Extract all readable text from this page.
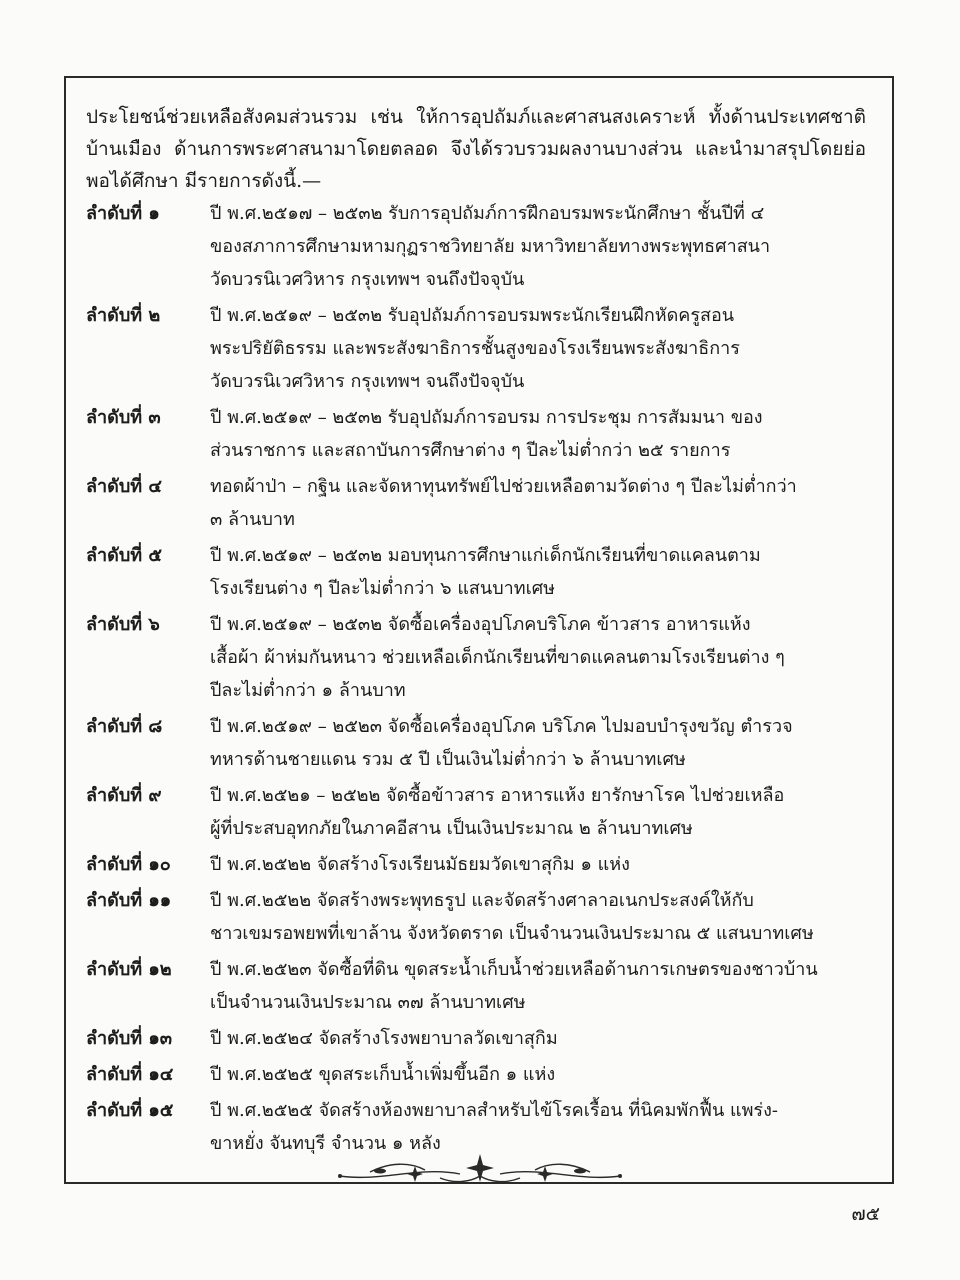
ประโยชน์ช่วยเหลือสังคมส่วนรวม เช่น ให้การอุปถัมภ์และศาสนสงเคราะห์ ทั้งด้านประเทศชาติ
บ้านเมือง ด้านการพระศาสนามาโดยตลอด จึงได้รวบรวมผลงานบางส่วน และนำมาสรุปโดยย่อ
พอได้ศึกษา มีรายการดังนี้.—
ลำดับที่ ๑	ปี พ.ศ.๒๕๑๗ – ๒๕๓๒ รับการอุปถัมภ์การฝึกอบรมพระนักศึกษา ชั้นปีที่ ๔
ของสภาการศึกษามหามกุฏราชวิทยาลัย มหาวิทยาลัยทางพระพุทธศาสนา
วัดบวรนิเวศวิหาร กรุงเทพฯ จนถึงปัจจุบัน
ลำดับที่ ๒	ปี พ.ศ.๒๕๑๙ – ๒๕๓๒ รับอุปถัมภ์การอบรมพระนักเรียนฝึกหัดครูสอน
พระปริยัติธรรม และพระสังฆาธิการชั้นสูงของโรงเรียนพระสังฆาธิการ
วัดบวรนิเวศวิหาร กรุงเทพฯ จนถึงปัจจุบัน
ลำดับที่ ๓	ปี พ.ศ.๒๕๑๙ – ๒๕๓๒ รับอุปถัมภ์การอบรม การประชุม การสัมมนา ของ
ส่วนราชการ และสถาบันการศึกษาต่าง ๆ ปีละไม่ต่ำกว่า ๒๕ รายการ
ลำดับที่ ๔	ทอดผ้าป่า – กฐิน และจัดหาทุนทรัพย์ไปช่วยเหลือตามวัดต่าง ๆ ปีละไม่ต่ำกว่า
๓ ล้านบาท
ลำดับที่ ๕	ปี พ.ศ.๒๕๑๙ – ๒๕๓๒ มอบทุนการศึกษาแก่เด็กนักเรียนที่ขาดแคลนตาม
โรงเรียนต่าง ๆ ปีละไม่ต่ำกว่า ๖ แสนบาทเศษ
ลำดับที่ ๖	ปี พ.ศ.๒๕๑๙ – ๒๕๓๒ จัดซื้อเครื่องอุปโภคบริโภค ข้าวสาร อาหารแห้ง
เสื้อผ้า ผ้าห่มกันหนาว ช่วยเหลือเด็กนักเรียนที่ขาดแคลนตามโรงเรียนต่าง ๆ
ปีละไม่ต่ำกว่า ๑ ล้านบาท
ลำดับที่ ๘	ปี พ.ศ.๒๕๑๙ – ๒๕๒๓ จัดซื้อเครื่องอุปโภค บริโภค ไปมอบบำรุงขวัญ ตำรวจ
ทหารด้านชายแดน รวม ๕ ปี เป็นเงินไม่ต่ำกว่า ๖ ล้านบาทเศษ
ลำดับที่ ๙	ปี พ.ศ.๒๕๒๑ – ๒๕๒๒ จัดซื้อข้าวสาร อาหารแห้ง ยารักษาโรค ไปช่วยเหลือ
ผู้ที่ประสบอุทกภัยในภาคอีสาน เป็นเงินประมาณ ๒ ล้านบาทเศษ
ลำดับที่ ๑๐	ปี พ.ศ.๒๕๒๒ จัดสร้างโรงเรียนมัธยมวัดเขาสุกิม ๑ แห่ง
ลำดับที่ ๑๑	ปี พ.ศ.๒๕๒๒ จัดสร้างพระพุทธรูป และจัดสร้างศาลาอเนกประสงค์ให้กับ
ชาวเขมรอพยพที่เขาล้าน จังหวัดตราด เป็นจำนวนเงินประมาณ ๕ แสนบาทเศษ
ลำดับที่ ๑๒	ปี พ.ศ.๒๕๒๓ จัดซื้อที่ดิน ขุดสระน้ำเก็บน้ำช่วยเหลือด้านการเกษตรของชาวบ้าน
เป็นจำนวนเงินประมาณ ๓๗ ล้านบาทเศษ
ลำดับที่ ๑๓	ปี พ.ศ.๒๕๒๔ จัดสร้างโรงพยาบาลวัดเขาสุกิม
ลำดับที่ ๑๔	ปี พ.ศ.๒๕๒๕ ขุดสระเก็บน้ำเพิ่มขึ้นอีก ๑ แห่ง
ลำดับที่ ๑๕	ปี พ.ศ.๒๕๒๕ จัดสร้างห้องพยาบาลสำหรับไข้โรคเรื้อน ที่นิคมพักฟื้น แพร่ง-
ขาหยั่ง จันทบุรี จำนวน ๑ หลัง
๗๕
